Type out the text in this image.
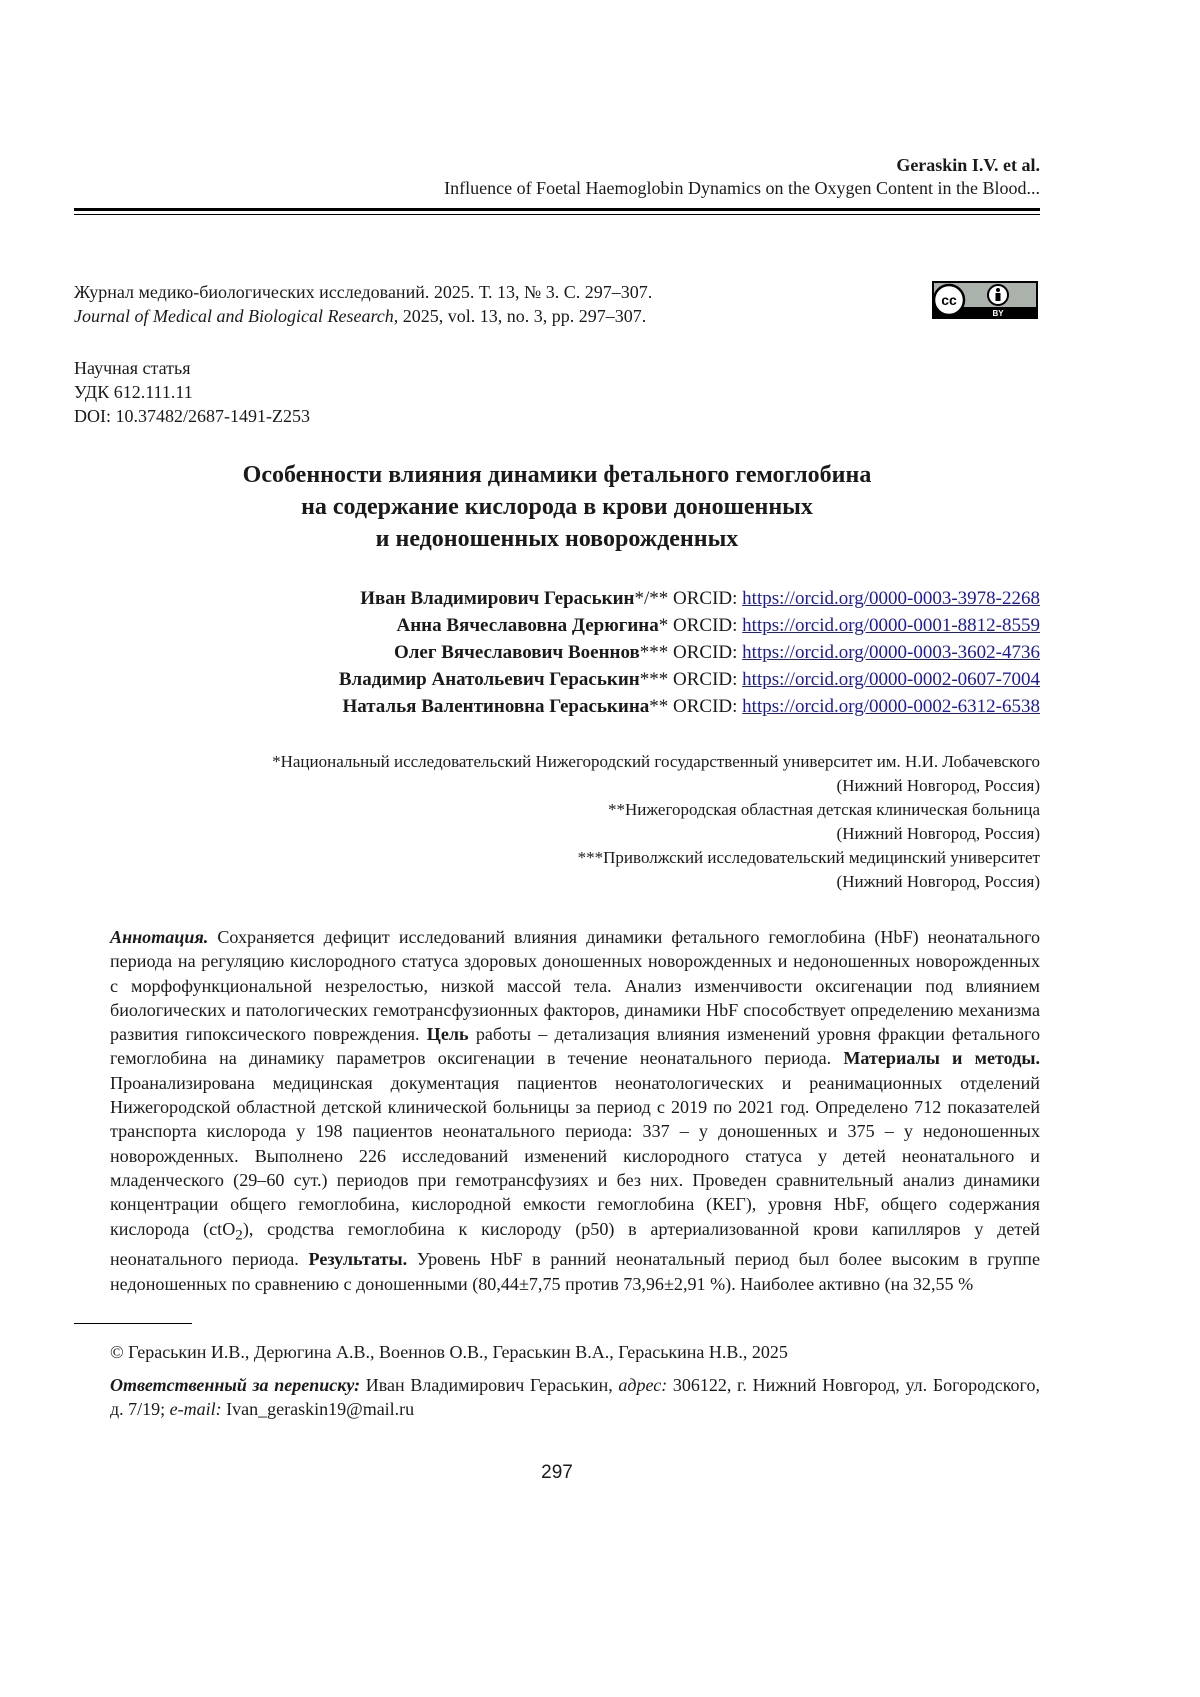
Geraskin I.V. et al.
Influence of Foetal Haemoglobin Dynamics on the Oxygen Content in the Blood...
Журнал медико-биологических исследований. 2025. Т. 13, № 3. С. 297–307.
Journal of Medical and Biological Research, 2025, vol. 13, no. 3, pp. 297–307.
cc
BY
Научная статья
УДК 612.111.11
DOI: 10.37482/2687-1491-Z253
Особенности влияния динамики фетального гемоглобина
на содержание кислорода в крови доношенных
и недоношенных новорожденных
Иван Владимирович Гераськин*/** ORCID: https://orcid.org/0000-0003-3978-2268
Анна Вячеславовна Дерюгина* ORCID: https://orcid.org/0000-0001-8812-8559
Олег Вячеславович Военнов*** ORCID: https://orcid.org/0000-0003-3602-4736
Владимир Анатольевич Гераськин*** ORCID: https://orcid.org/0000-0002-0607-7004
Наталья Валентиновна Гераськина** ORCID: https://orcid.org/0000-0002-6312-6538
*Национальный исследовательский Нижегородский государственный университет им. Н.И. Лобачевского
(Нижний Новгород, Россия)
**Нижегородская областная детская клиническая больница
(Нижний Новгород, Россия)
***Приволжский исследовательский медицинский университет
(Нижний Новгород, Россия)
Аннотация. Сохраняется дефицит исследований влияния динамики фетального гемоглобина (HbF) неонатального периода на регуляцию кислородного статуса здоровых доношенных новорожденных и недоношенных новорожденных с морфофункциональной незрелостью, низкой массой тела. Анализ изменчивости оксигенации под влиянием биологических и патологических гемотрансфузионных факторов, динамики HbF способствует определению механизма развития гипоксического повреждения. Цель работы – детализация влияния изменений уровня фракции фетального гемоглобина на динамику параметров оксигенации в течение неонатального периода. Материалы и методы. Проанализирована медицинская документация пациентов неонатологических и реанимационных отделений Нижегородской областной детской клинической больницы за период с 2019 по 2021 год. Определено 712 показателей транспорта кислорода у 198 пациентов неонатального периода: 337 – у доношенных и 375 – у недоношенных новорожденных. Выполнено 226 исследований изменений кислородного статуса у детей неонатального и младенческого (29–60 сут.) периодов при гемотрансфузиях и без них. Проведен сравнительный анализ динамики концентрации общего гемоглобина, кислородной емкости гемоглобина (КЕГ), уровня HbF, общего содержания кислорода (ctO2), сродства гемоглобина к кислороду (p50) в артериализованной крови капилляров у детей неонатального периода. Результаты. Уровень HbF в ранний неонатальный период был более высоким в группе недоношенных по сравнению с доношенными (80,44±7,75 против 73,96±2,91 %). Наиболее активно (на 32,55 %
© Гераськин И.В., Дерюгина А.В., Военнов О.В., Гераськин В.А., Гераськина Н.В., 2025
Ответственный за переписку: Иван Владимирович Гераськин, адрес: 306122, г. Нижний Новгород, ул. Богородского, д. 7/19; e-mail: Ivan_geraskin19@mail.ru
297
